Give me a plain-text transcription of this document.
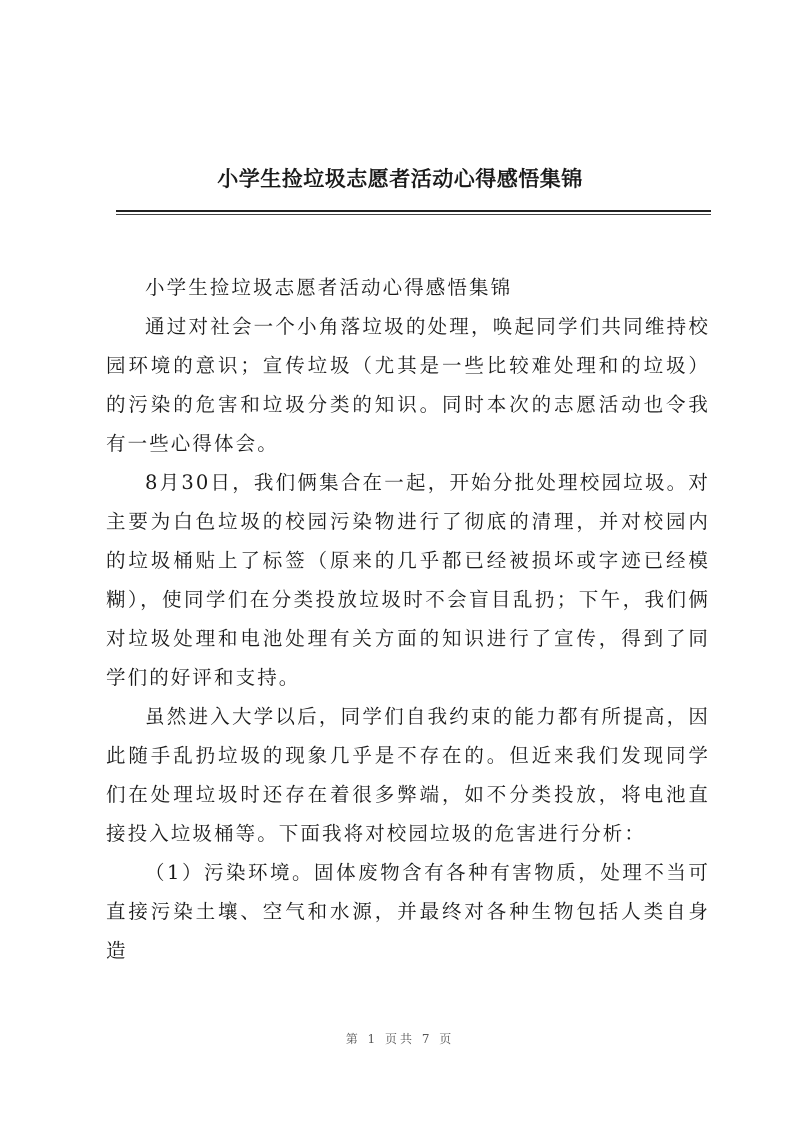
小学生捡垃圾志愿者活动心得感悟集锦

小学生捡垃圾志愿者活动心得感悟集锦

通过对社会一个小角落垃圾的处理，唤起同学们共同维持校园环境的意识；宣传垃圾（尤其是一些比较难处理和的垃圾）的污染的危害和垃圾分类的知识。同时本次的志愿活动也令我有一些心得体会。

8月30日，我们俩集合在一起，开始分批处理校园垃圾。对主要为白色垃圾的校园污染物进行了彻底的清理，并对校园内的垃圾桶贴上了标签（原来的几乎都已经被损坏或字迹已经模糊），使同学们在分类投放垃圾时不会盲目乱扔；下午，我们俩对垃圾处理和电池处理有关方面的知识进行了宣传，得到了同学们的好评和支持。

虽然进入大学以后，同学们自我约束的能力都有所提高，因此随手乱扔垃圾的现象几乎是不存在的。但近来我们发现同学们在处理垃圾时还存在着很多弊端，如不分类投放，将电池直接投入垃圾桶等。下面我将对校园垃圾的危害进行分析：

（1）污染环境。固体废物含有各种有害物质，处理不当可直接污染土壤、空气和水源，并最终对各种生物包括人类自身造

第 1 页共 7 页
